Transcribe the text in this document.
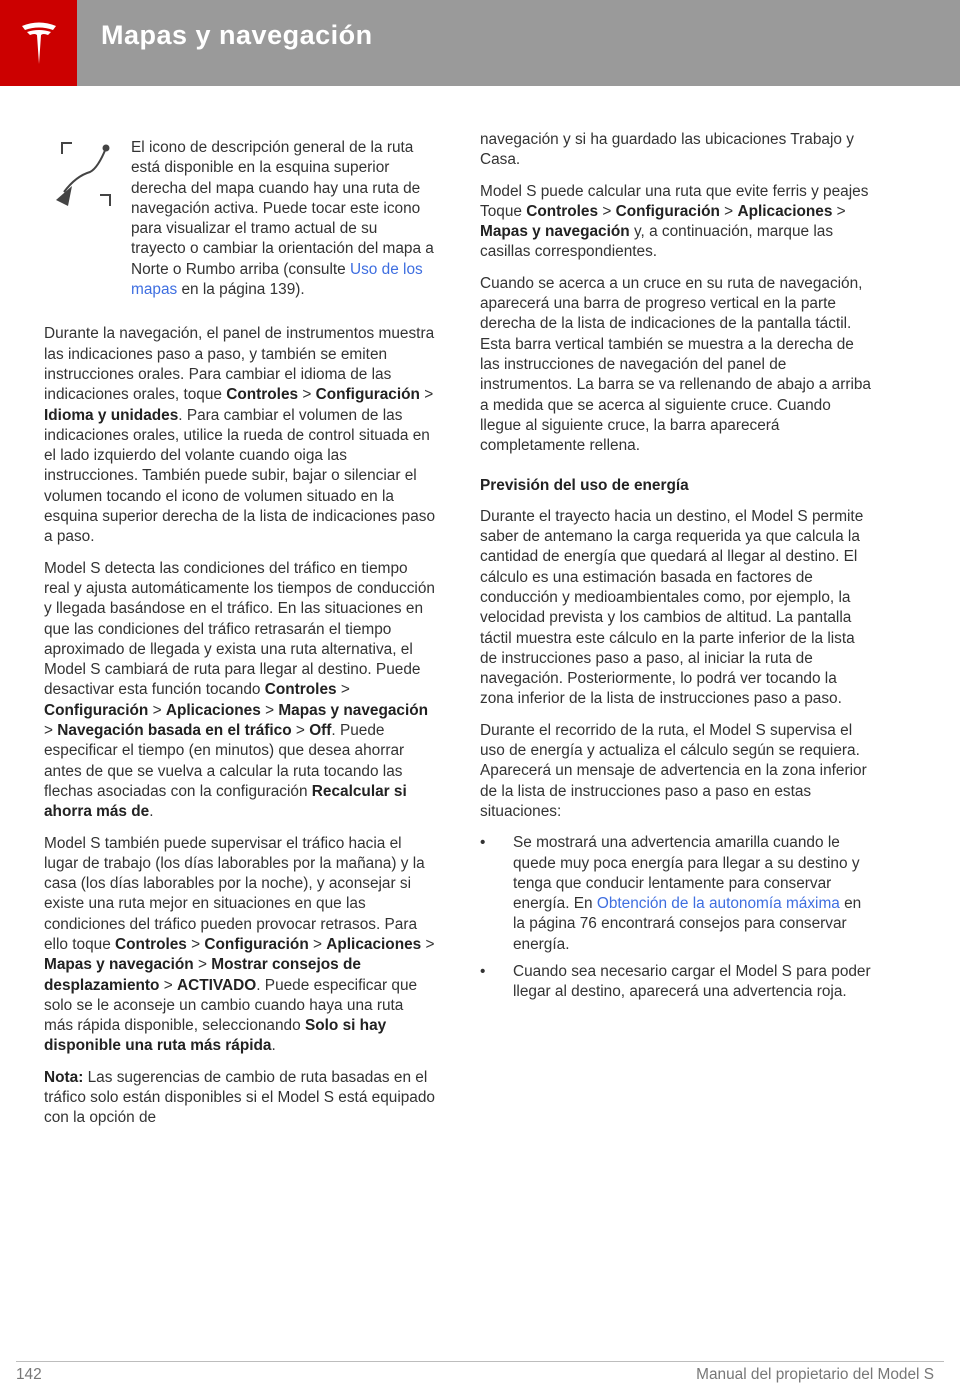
Mapas y navegación
El icono de descripción general de la ruta está disponible en la esquina superior derecha del mapa cuando hay una ruta de navegación activa. Puede tocar este icono para visualizar el tramo actual de su trayecto o cambiar la orientación del mapa a Norte o Rumbo arriba (consulte Uso de los mapas en la página 139).

Durante la navegación, el panel de instrumentos muestra las indicaciones paso a paso, y también se emiten instrucciones orales. Para cambiar el idioma de las indicaciones orales, toque Controles > Configuración > Idioma y unidades. Para cambiar el volumen de las indicaciones orales, utilice la rueda de control situada en el lado izquierdo del volante cuando oiga las instrucciones. También puede subir, bajar o silenciar el volumen tocando el icono de volumen situado en la esquina superior derecha de la lista de indicaciones paso a paso.

Model S detecta las condiciones del tráfico en tiempo real y ajusta automáticamente los tiempos de conducción y llegada basándose en el tráfico. En las situaciones en que las condiciones del tráfico retrasarán el tiempo aproximado de llegada y exista una ruta alternativa, el Model S cambiará de ruta para llegar al destino. Puede desactivar esta función tocando Controles > Configuración > Aplicaciones > Mapas y navegación > Navegación basada en el tráfico > Off. Puede especificar el tiempo (en minutos) que desea ahorrar antes de que se vuelva a calcular la ruta tocando las flechas asociadas con la configuración Recalcular si ahorra más de.

Model S también puede supervisar el tráfico hacia el lugar de trabajo (los días laborables por la mañana) y la casa (los días laborables por la noche), y aconsejar si existe una ruta mejor en situaciones en que las condiciones del tráfico pueden provocar retrasos. Para ello toque Controles > Configuración > Aplicaciones > Mapas y navegación > Mostrar consejos de desplazamiento > ACTIVADO. Puede especificar que solo se le aconseje un cambio cuando haya una ruta más rápida disponible, seleccionando Solo si hay disponible una ruta más rápida.

Nota: Las sugerencias de cambio de ruta basadas en el tráfico solo están disponibles si el Model S está equipado con la opción de

navegación y si ha guardado las ubicaciones Trabajo y Casa.

Model S puede calcular una ruta que evite ferris y peajes Toque Controles > Configuración > Aplicaciones > Mapas y navegación y, a continuación, marque las casillas correspondientes.

Cuando se acerca a un cruce en su ruta de navegación, aparecerá una barra de progreso vertical en la parte derecha de la lista de indicaciones de la pantalla táctil. Esta barra vertical también se muestra a la derecha de las instrucciones de navegación del panel de instrumentos. La barra se va rellenando de abajo a arriba a medida que se acerca al siguiente cruce. Cuando llegue al siguiente cruce, la barra aparecerá completamente rellena.

Previsión del uso de energía

Durante el trayecto hacia un destino, el Model S permite saber de antemano la carga requerida ya que calcula la cantidad de energía que quedará al llegar al destino. El cálculo es una estimación basada en factores de conducción y medioambientales como, por ejemplo, la velocidad prevista y los cambios de altitud. La pantalla táctil muestra este cálculo en la parte inferior de la lista de instrucciones paso a paso, al iniciar la ruta de navegación. Posteriormente, lo podrá ver tocando la zona inferior de la lista de instrucciones paso a paso.

Durante el recorrido de la ruta, el Model S supervisa el uso de energía y actualiza el cálculo según se requiera. Aparecerá un mensaje de advertencia en la zona inferior de la lista de instrucciones paso a paso en estas situaciones:

• Se mostrará una advertencia amarilla cuando le quede muy poca energía para llegar a su destino y tenga que conducir lentamente para conservar energía. En Obtención de la autonomía máxima en la página 76 encontrará consejos para conservar energía.
• Cuando sea necesario cargar el Model S para poder llegar al destino, aparecerá una advertencia roja.
142	Manual del propietario del Model S
